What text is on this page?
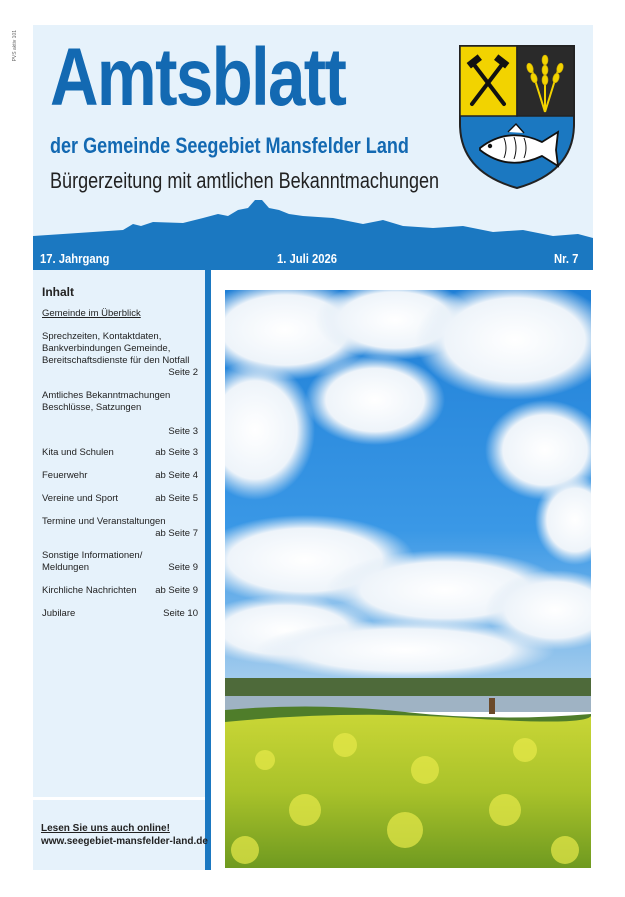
PVS aktiv 101 Amtsblatt
der Gemeinde Seegebiet Mansfelder Land
Bürgerzeitung mit amtlichen Bekanntmachungen
17. Jahrgang	1. Juli 2026	Nr. 7
Inhalt
Gemeinde im Überblick
Sprechzeiten, Kontaktdaten, Bankverbindungen Gemeinde, Bereitschaftsdienste für den Notfall
Seite 2
Amtliches Bekanntmachungen Beschlüsse, Satzungen
Seite 3
Kita und Schulen	ab Seite 3
Feuerwehr	ab Seite 4
Vereine und Sport	ab Seite 5
Termine und Veranstaltungen
ab Seite 7
Sonstige Informationen/ Meldungen	Seite 9
Kirchliche Nachrichten	ab Seite 9
Jubilare	Seite 10
Lesen Sie uns auch online!
www.seegebiet-mansfelder-land.de
